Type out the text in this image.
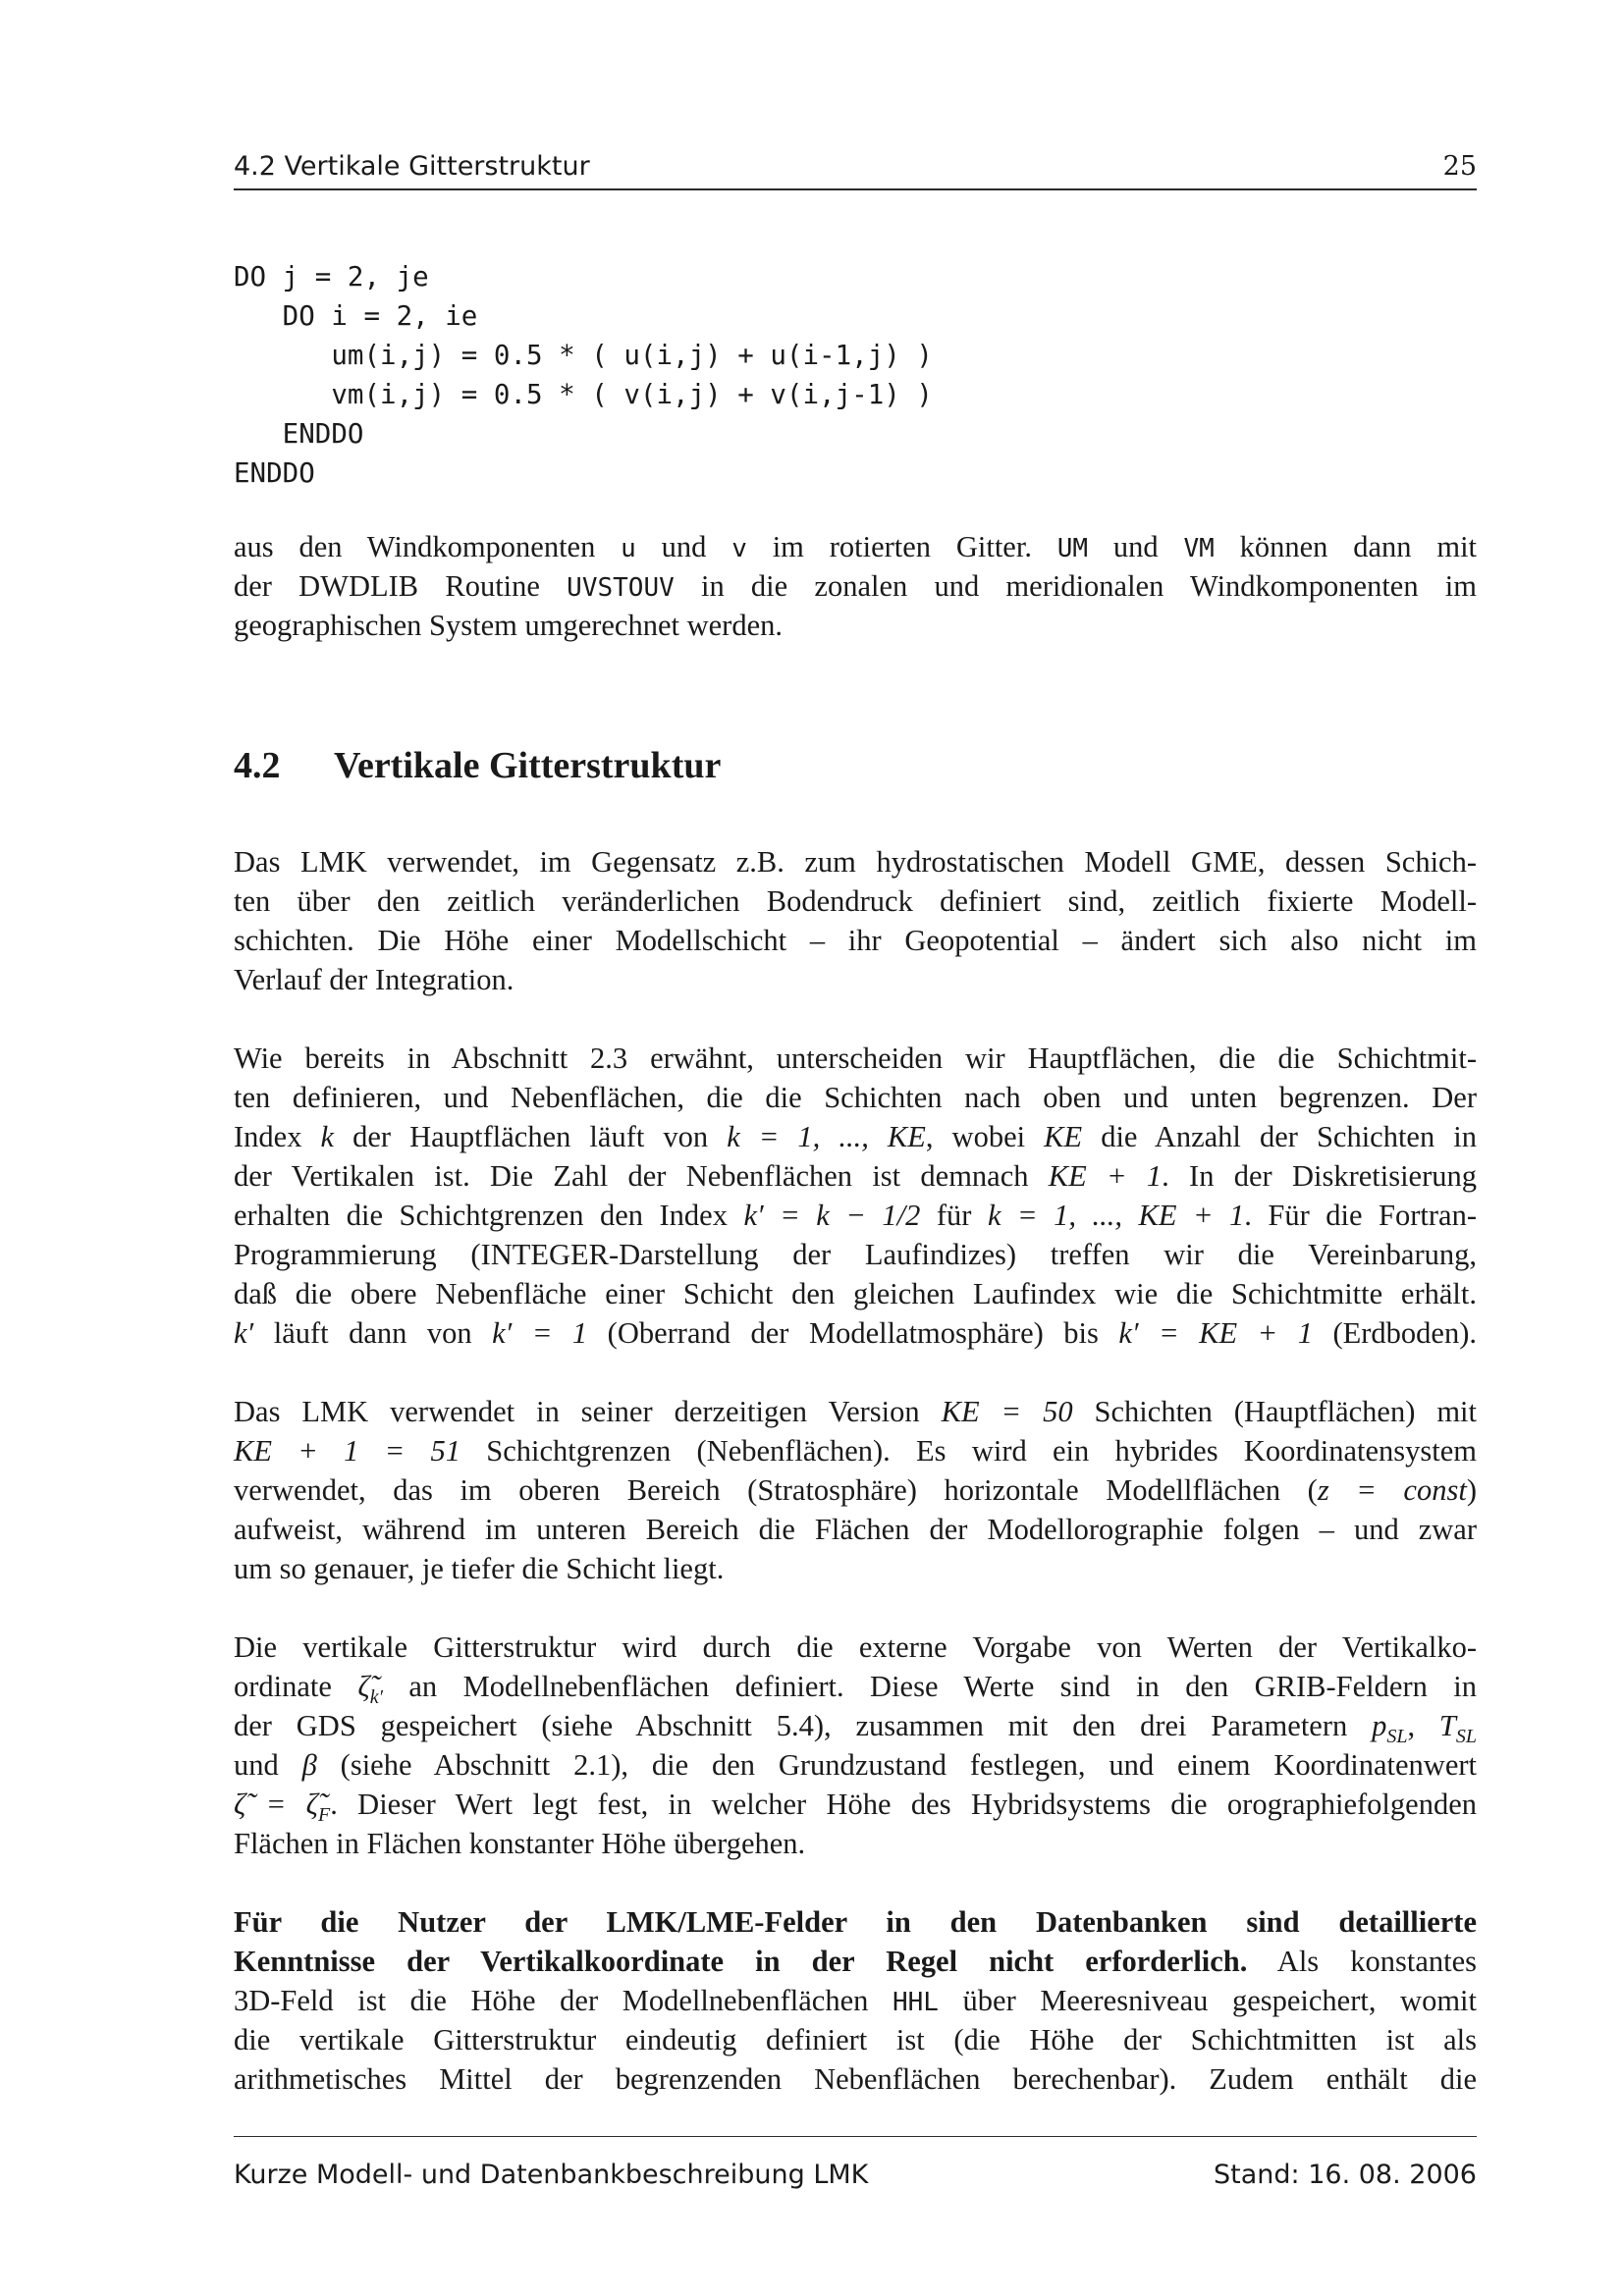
4.2 Vertikale Gitterstruktur	25
DO j = 2, je
DO i = 2, ie
um(i,j) = 0.5 * ( u(i,j) + u(i-1,j) )
vm(i,j) = 0.5 * ( v(i,j) + v(i,j-1) )
ENDDO
ENDDO
aus den Windkomponenten u und v im rotierten Gitter. UM und VM können dann mit
der DWDLIB Routine UVSTOUV in die zonalen und meridionalen Windkomponenten im
geographischen System umgerechnet werden.
4.2 Vertikale Gitterstruktur
Das LMK verwendet, im Gegensatz z.B. zum hydrostatischen Modell GME, dessen Schich-
ten über den zeitlich veränderlichen Bodendruck definiert sind, zeitlich fixierte Modell-
schichten. Die Höhe einer Modellschicht – ihr Geopotential – ändert sich also nicht im
Verlauf der Integration.
Wie bereits in Abschnitt 2.3 erwähnt, unterscheiden wir Hauptflächen, die die Schichtmit-
ten definieren, und Nebenflächen, die die Schichten nach oben und unten begrenzen. Der
Index k der Hauptflächen läuft von k = 1, ..., KE, wobei KE die Anzahl der Schichten in
der Vertikalen ist. Die Zahl der Nebenflächen ist demnach KE + 1. In der Diskretisierung
erhalten die Schichtgrenzen den Index k′ = k − 1/2 für k = 1, ..., KE + 1. Für die Fortran-
Programmierung (INTEGER-Darstellung der Laufindizes) treffen wir die Vereinbarung,
daß die obere Nebenfläche einer Schicht den gleichen Laufindex wie die Schichtmitte erhält.
k′ läuft dann von k′ = 1 (Oberrand der Modellatmosphäre) bis k′ = KE + 1 (Erdboden).
Das LMK verwendet in seiner derzeitigen Version KE = 50 Schichten (Hauptflächen) mit
KE + 1 = 51 Schichtgrenzen (Nebenflächen). Es wird ein hybrides Koordinatensystem
verwendet, das im oberen Bereich (Stratosphäre) horizontale Modellflächen (z = const)
aufweist, während im unteren Bereich die Flächen der Modellorographie folgen – und zwar
um so genauer, je tiefer die Schicht liegt.
Die vertikale Gitterstruktur wird durch die externe Vorgabe von Werten der Vertikalko-
ordinate $\zetã_{k'}$ an Modellnebenflächen definiert. Diese Werte sind in den GRIB-Feldern in
der GDS gespeichert (siehe Abschnitt 5.4), zusammen mit den drei Parametern $p_{SL}$, $T_{SL}$
und β (siehe Abschnitt 2.1), die den Grundzustand festlegen, und einem Koordinatenwert
ζ̃ = $\zetã_F$. Dieser Wert legt fest, in welcher Höhe des Hybridsystems die orographiefolgenden
Flächen in Flächen konstanter Höhe übergehen.
Für die Nutzer der LMK/LME-Felder in den Datenbanken sind detaillierte
Kenntnisse der Vertikalkoordinate in der Regel nicht erforderlich. Als konstantes
3D-Feld ist die Höhe der Modellnebenflächen HHL über Meeresniveau gespeichert, womit
die vertikale Gitterstruktur eindeutig definiert ist (die Höhe der Schichtmitten ist als
arithmetisches Mittel der begrenzenden Nebenflächen berechenbar). Zudem enthält die
Kurze Modell- und Datenbankbeschreibung LMK	Stand: 16. 08. 2006
